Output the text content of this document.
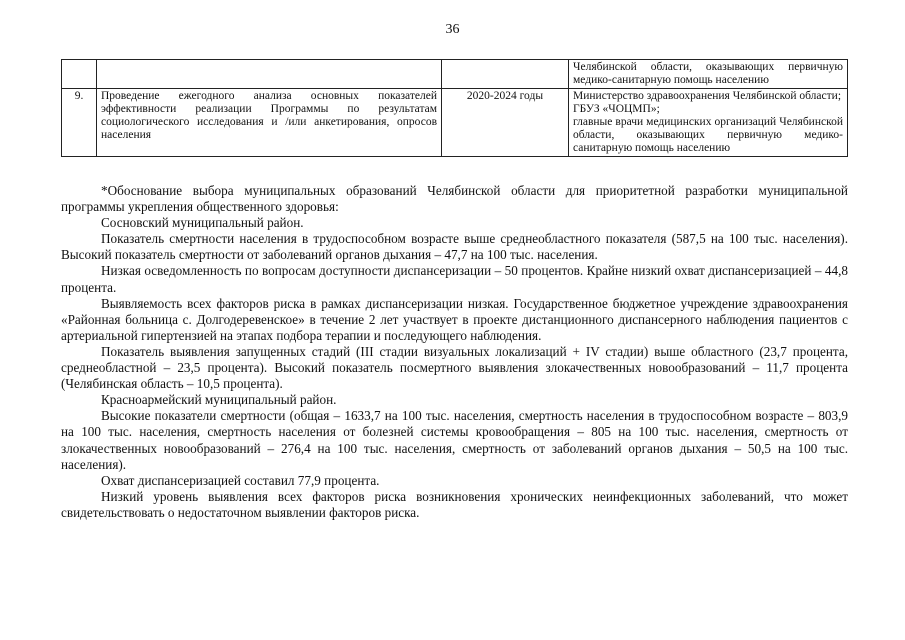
36

			Челябинской области, оказывающих первичную медико-санитарную помощь населению

9.	Проведение ежегодного анализа основных показателей эффективности реализации Программы по результатам социологического исследования и /или анкетирования, опросов населения	2020-2024 годы	Министерство здравоохранения Челябинской области;
ГБУЗ «ЧОЦМП»;
главные врачи медицинских организаций Челябинской области, оказывающих первичную медико-санитарную помощь населению

*Обоснование выбора муниципальных образований Челябинской области для приоритетной разработки муниципальной программы укрепления общественного здоровья:

Сосновский муниципальный район.

Показатель смертности населения в трудоспособном возрасте выше среднеобластного показателя (587,5 на 100 тыс. населения). Высокий показатель смертности от заболеваний органов дыхания – 47,7 на 100 тыс. населения.

Низкая осведомленность по вопросам доступности диспансеризации – 50 процентов. Крайне низкий охват диспансеризацией – 44,8 процента.

Выявляемость всех факторов риска в рамках диспансеризации низкая. Государственное бюджетное учреждение здравоохранения «Районная больница с. Долгодеревенское» в течение 2 лет участвует в проекте дистанционного диспансерного наблюдения пациентов с артериальной гипертензией на этапах подбора терапии и последующего наблюдения.

Показатель выявления запущенных стадий (III стадии визуальных локализаций + IV стадии) выше областного (23,7 процента, среднеобластной – 23,5 процента). Высокий показатель посмертного выявления злокачественных новообразований – 11,7 процента (Челябинская область – 10,5 процента).

Красноармейский муниципальный район.

Высокие показатели смертности (общая – 1633,7 на 100 тыс. населения, смертность населения в трудоспособном возрасте – 803,9 на 100 тыс. населения, смертность населения от болезней системы кровообращения – 805 на 100 тыс. населения, смертность от злокачественных новообразований – 276,4 на 100 тыс. населения, смертность от заболеваний органов дыхания – 50,5 на 100 тыс. населения).

Охват диспансеризацией составил 77,9 процента.

Низкий уровень выявления всех факторов риска возникновения хронических неинфекционных заболеваний, что может свидетельствовать о недостаточном выявлении факторов риска.
